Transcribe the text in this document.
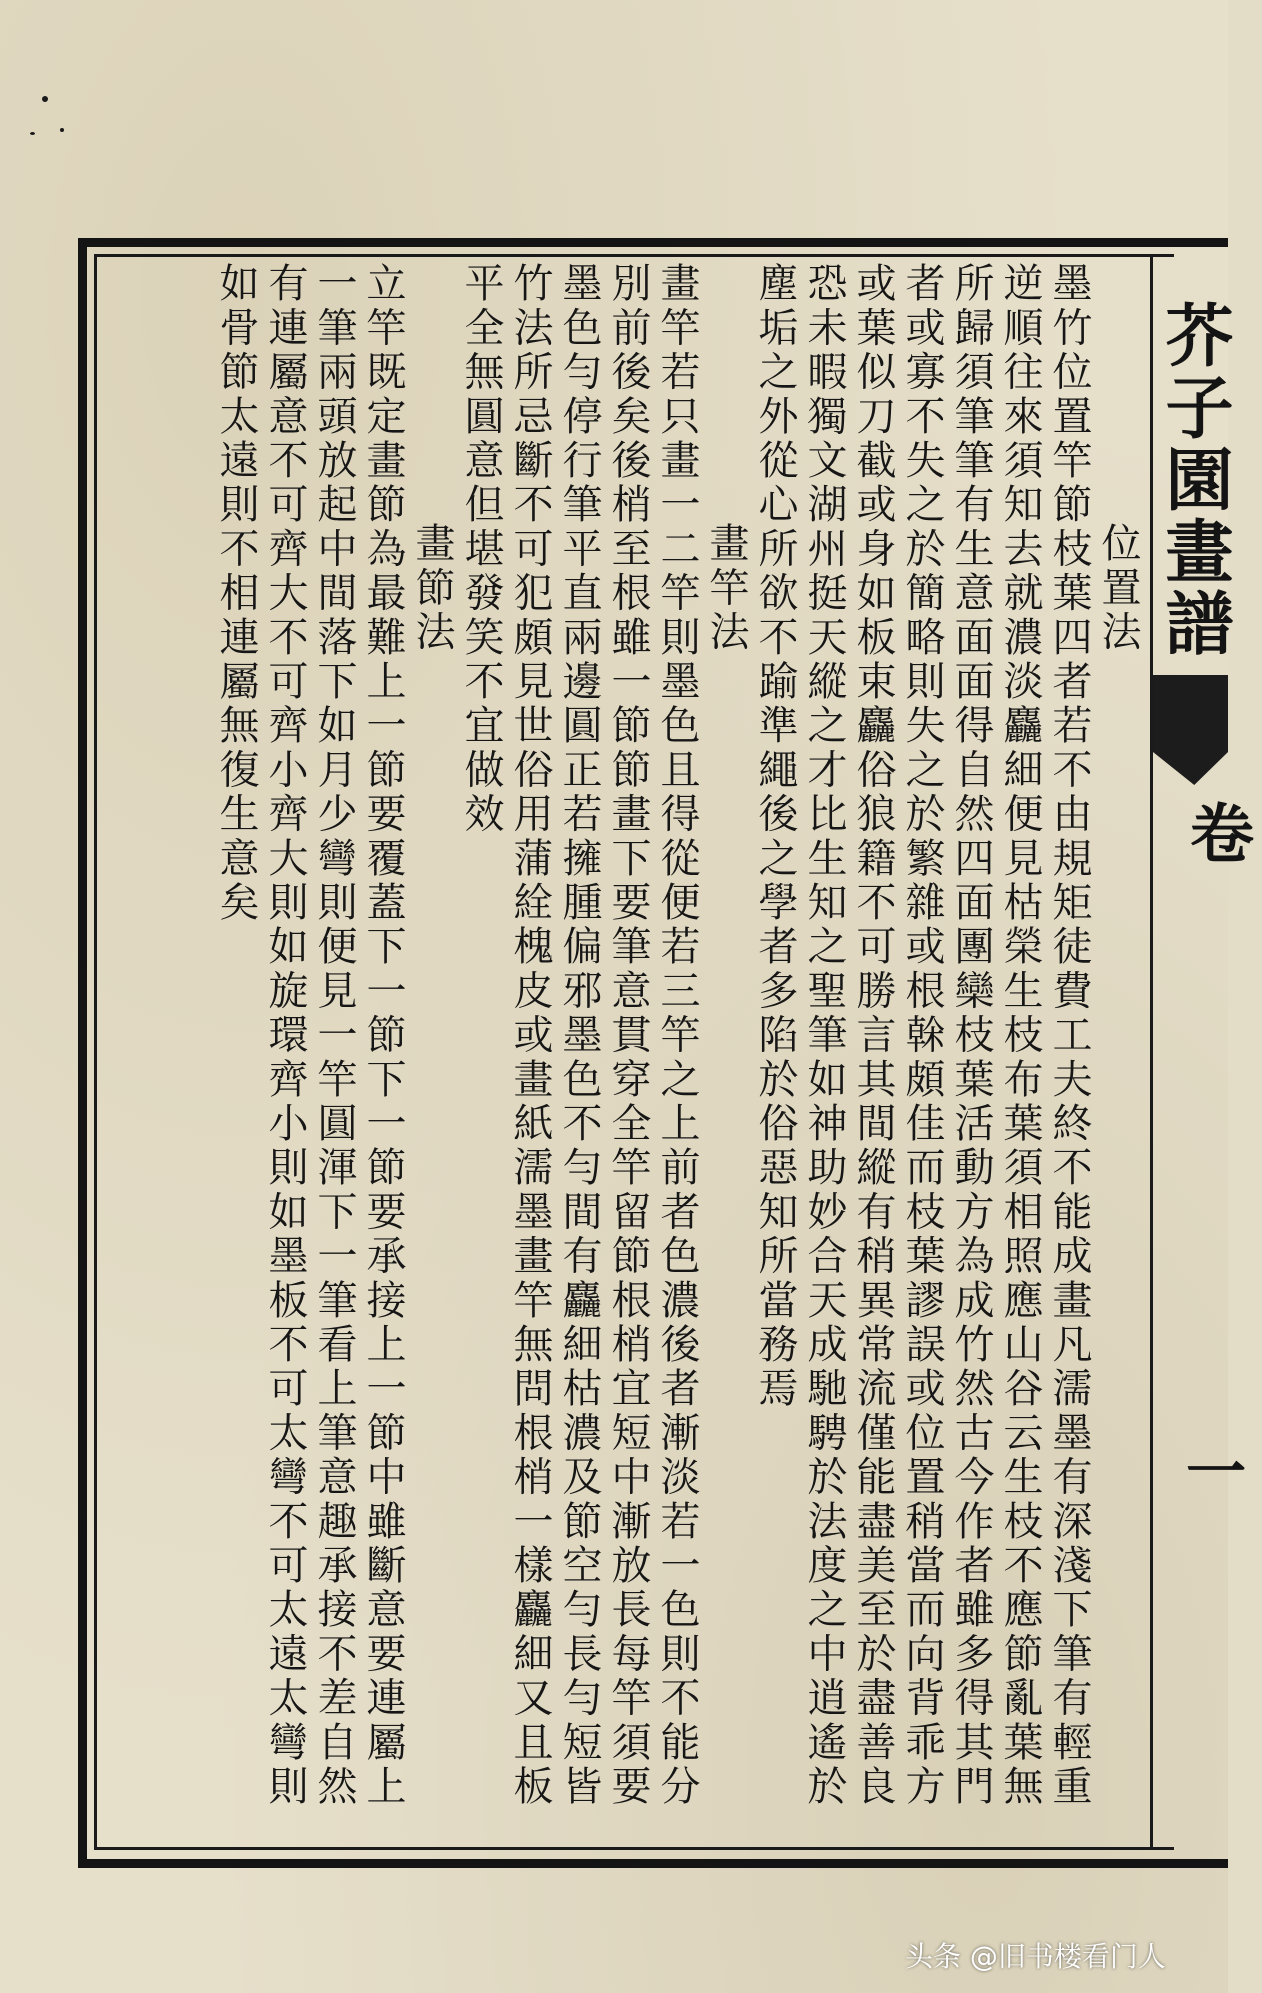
芥子園畫譜
卷
一

位置法

墨竹位置竿節枝葉四者若不由規矩徒費工夫終不能成畫凡濡墨有深淺下筆有輕重逆順往來須知去就濃淡麤細便見枯榮生枝布葉須相照應山谷云生枝不應節亂葉無所歸須筆筆有生意面面得自然四面團欒枝葉活動方為成竹然古今作者雖多得其門者或寡不失之於簡略則失之於繁雜或根榦頗佳而枝葉謬誤或位置稍當而向背乖方或葉似刀截或身如板束麤俗狼籍不可勝言其間縱有稍異常流僅能盡美至於盡善良恐未暇獨文湖州挺天縱之才比生知之聖筆如神助妙合天成馳騁於法度之中逍遙於塵垢之外從心所欲不踰準繩後之學者多陷於俗惡知所當務焉

畫竿法

畫竿若只畫一二竿則墨色且得從便若三竿之上前者色濃後者漸淡若一色則不能分別前後矣後梢至根雖一節節畫下要筆意貫穿全竿留節根梢宜短中漸放長每竿須要墨色勻停行筆平直兩邊圓正若擁腫偏邪墨色不勻間有麤細枯濃及節空勻長勻短皆竹法所忌斷不可犯頗見世俗用蒲絟槐皮或畫紙濡墨畫竿無問根梢一樣麤細又且板平全無圓意但堪發笑不宜做效

畫節法

立竿既定畫節為最難上一節要覆蓋下一節下一節要承接上一節中雖斷意要連屬上一筆兩頭放起中間落下如月少彎則便見一竿圓渾下一筆看上筆意趣承接不差自然有連屬意不可齊大不可齊小齊大則如旋環齊小則如墨板不可太彎不可太遠太彎則如骨節太遠則不相連屬無復生意矣

头条 @旧书楼看门人
